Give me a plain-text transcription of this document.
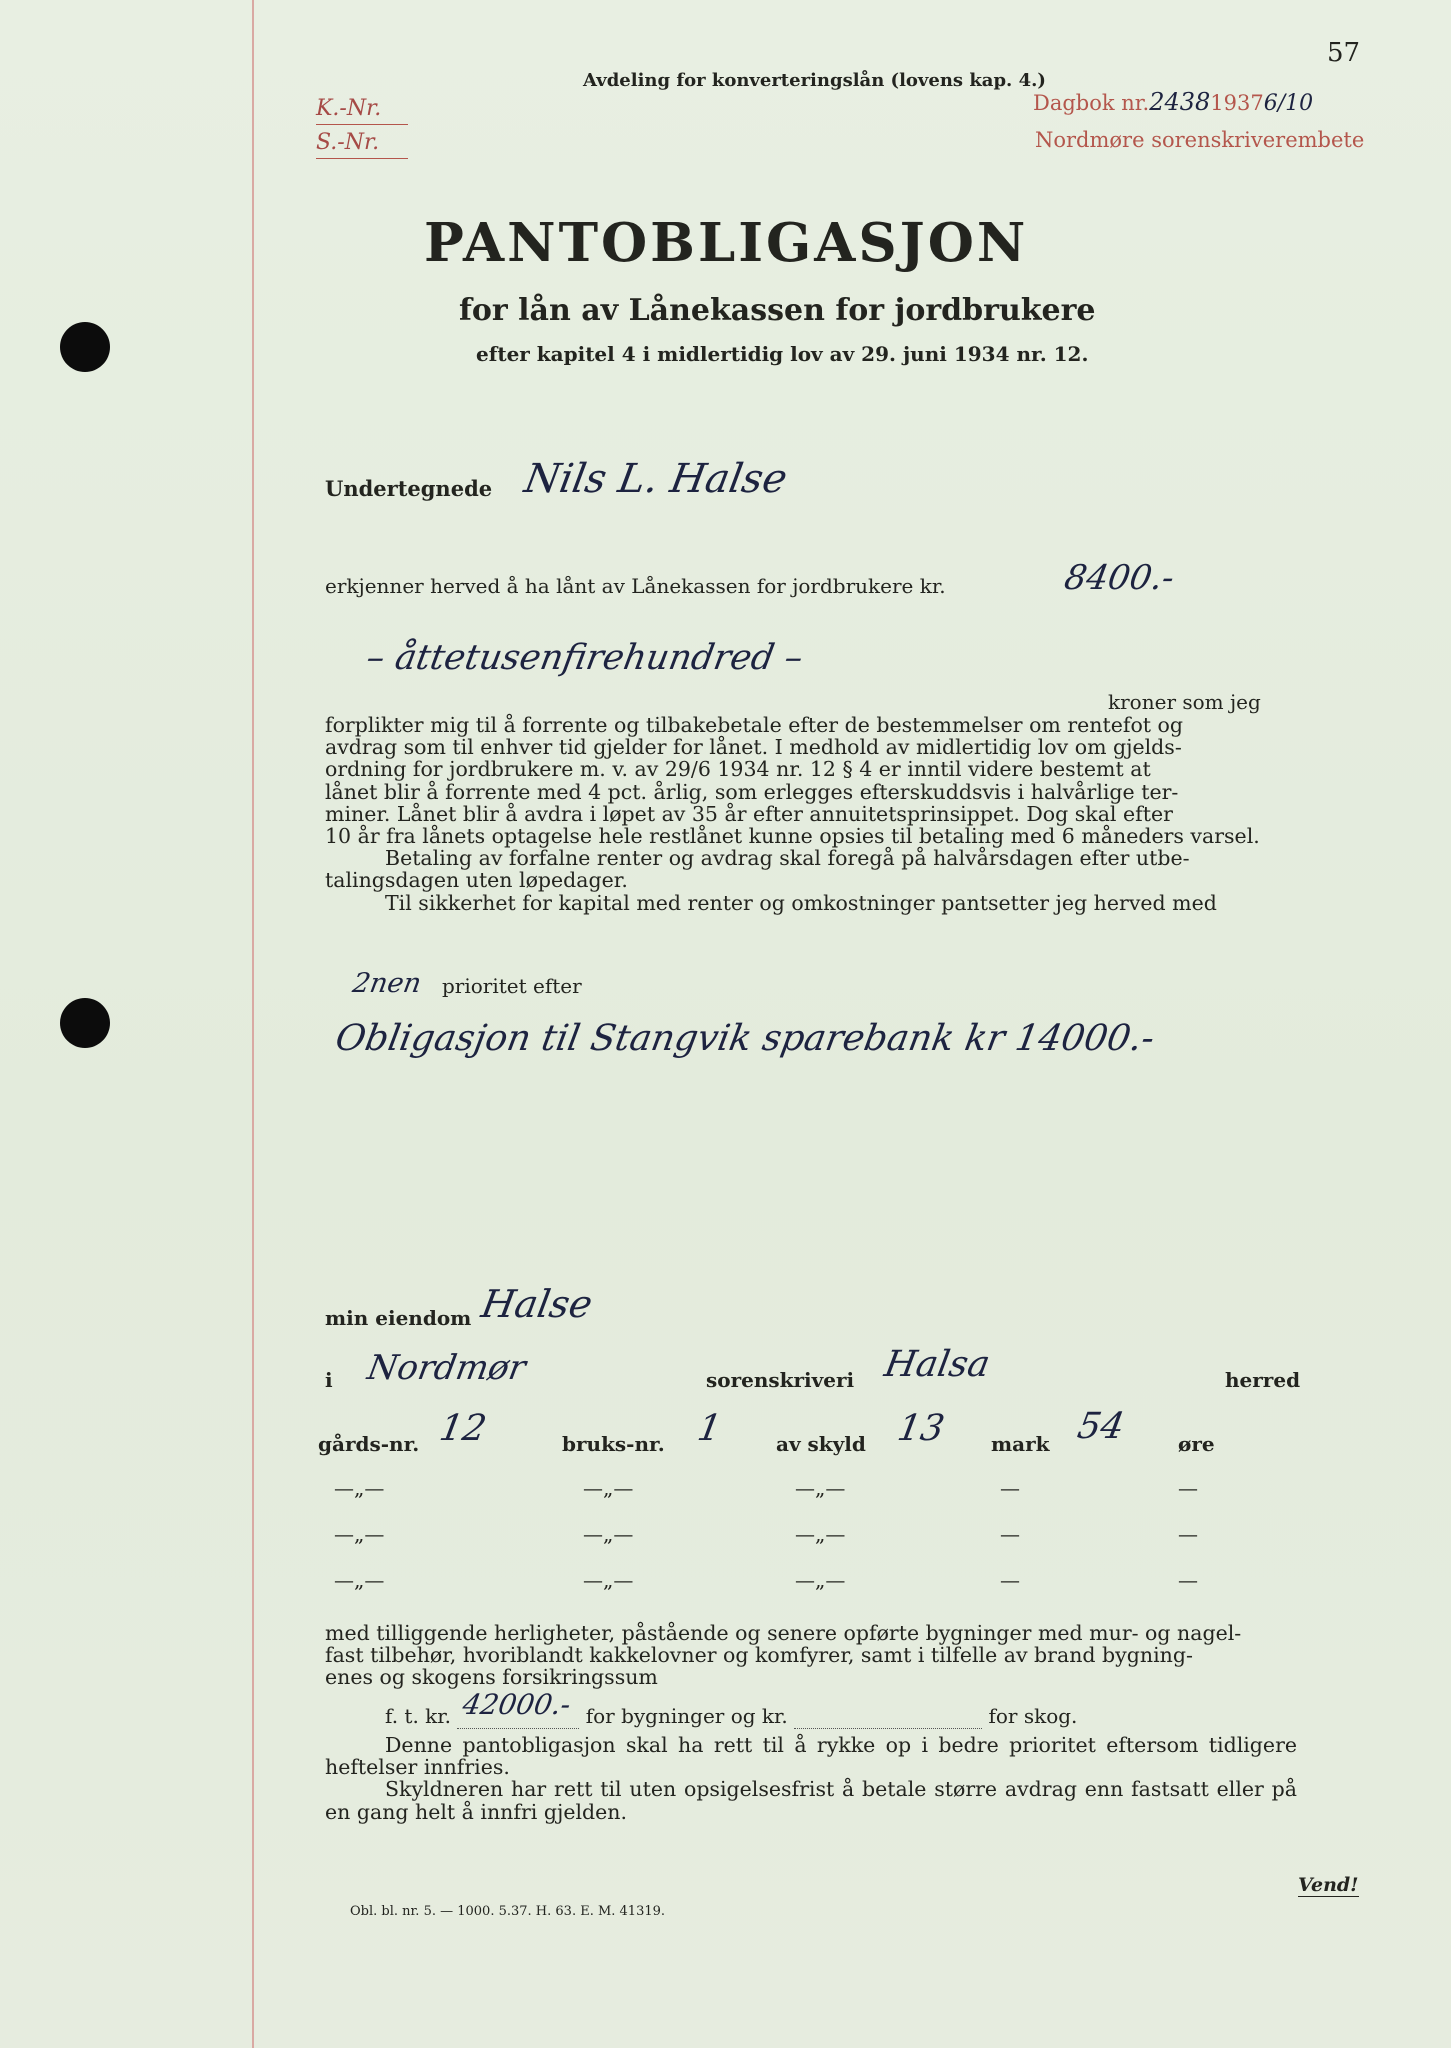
57
Avdeling for konverteringslån (lovens kap. 4.)
K.-Nr.
S.-Nr.
Dagbok nr.243819376/10
Nordmøre sorenskriverembete
PANTOBLIGASJON
for lån av Lånekassen for jordbrukere
efter kapitel 4 i midlertidig lov av 29. juni 1934 nr. 12.
Undertegnede Nils L. Halse
erkjenner herved å ha lånt av Lånekassen for jordbrukere kr.	8400.-
– åttetusenfirehundred –
kroner som jeg
forplikter mig til å forrente og tilbakebetale efter de bestemmelser om rentefot og
avdrag som til enhver tid gjelder for lånet. I medhold av midlertidig lov om gjelds-
ordning for jordbrukere m. v. av 29/6 1934 nr. 12 § 4 er inntil videre bestemt at
lånet blir å forrente med 4 pct. årlig, som erlegges efterskuddsvis i halvårlige ter-
miner. Lånet blir å avdra i løpet av 35 år efter annuitetsprinsippet. Dog skal efter
10 år fra lånets optagelse hele restlånet kunne opsies til betaling med 6 måneders varsel.
Betaling av forfalne renter og avdrag skal foregå på halvårsdagen efter utbe-
talingsdagen uten løpedager.
Til sikkerhet for kapital med renter og omkostninger pantsetter jeg herved med
2nen prioritet efter
Obligasjon til Stangvik sparebank kr 14000.-
min eiendom Halse
i Nordmør	sorenskriveri Halsa	herred
gårds-nr. 12	bruks-nr. 1	av skyld 13 mark 54	øre
—„—	—„—	—„—	—	—
—„—	—„—	—„—	—	—
—„—	—„—	—„—	—	—
med tilliggende herligheter, påstående og senere opførte bygninger med mur- og nagel-
fast tilbehør, hvoriblandt kakkelovner og komfyrer, samt i tilfelle av brand bygning-
enes og skogens forsikringssum
f. t. kr. 42000.- for bygninger og kr.	for skog.
Denne pantobligasjon skal ha rett til å rykke op i bedre prioritet eftersom tidligere heftelser innfries.
Skyldneren har rett til uten opsigelsesfrist å betale større avdrag enn fastsatt eller på en gang helt å innfri gjelden.
Vend!
Obl. bl. nr. 5. — 1000. 5.37. H. 63. E. M. 41319.
